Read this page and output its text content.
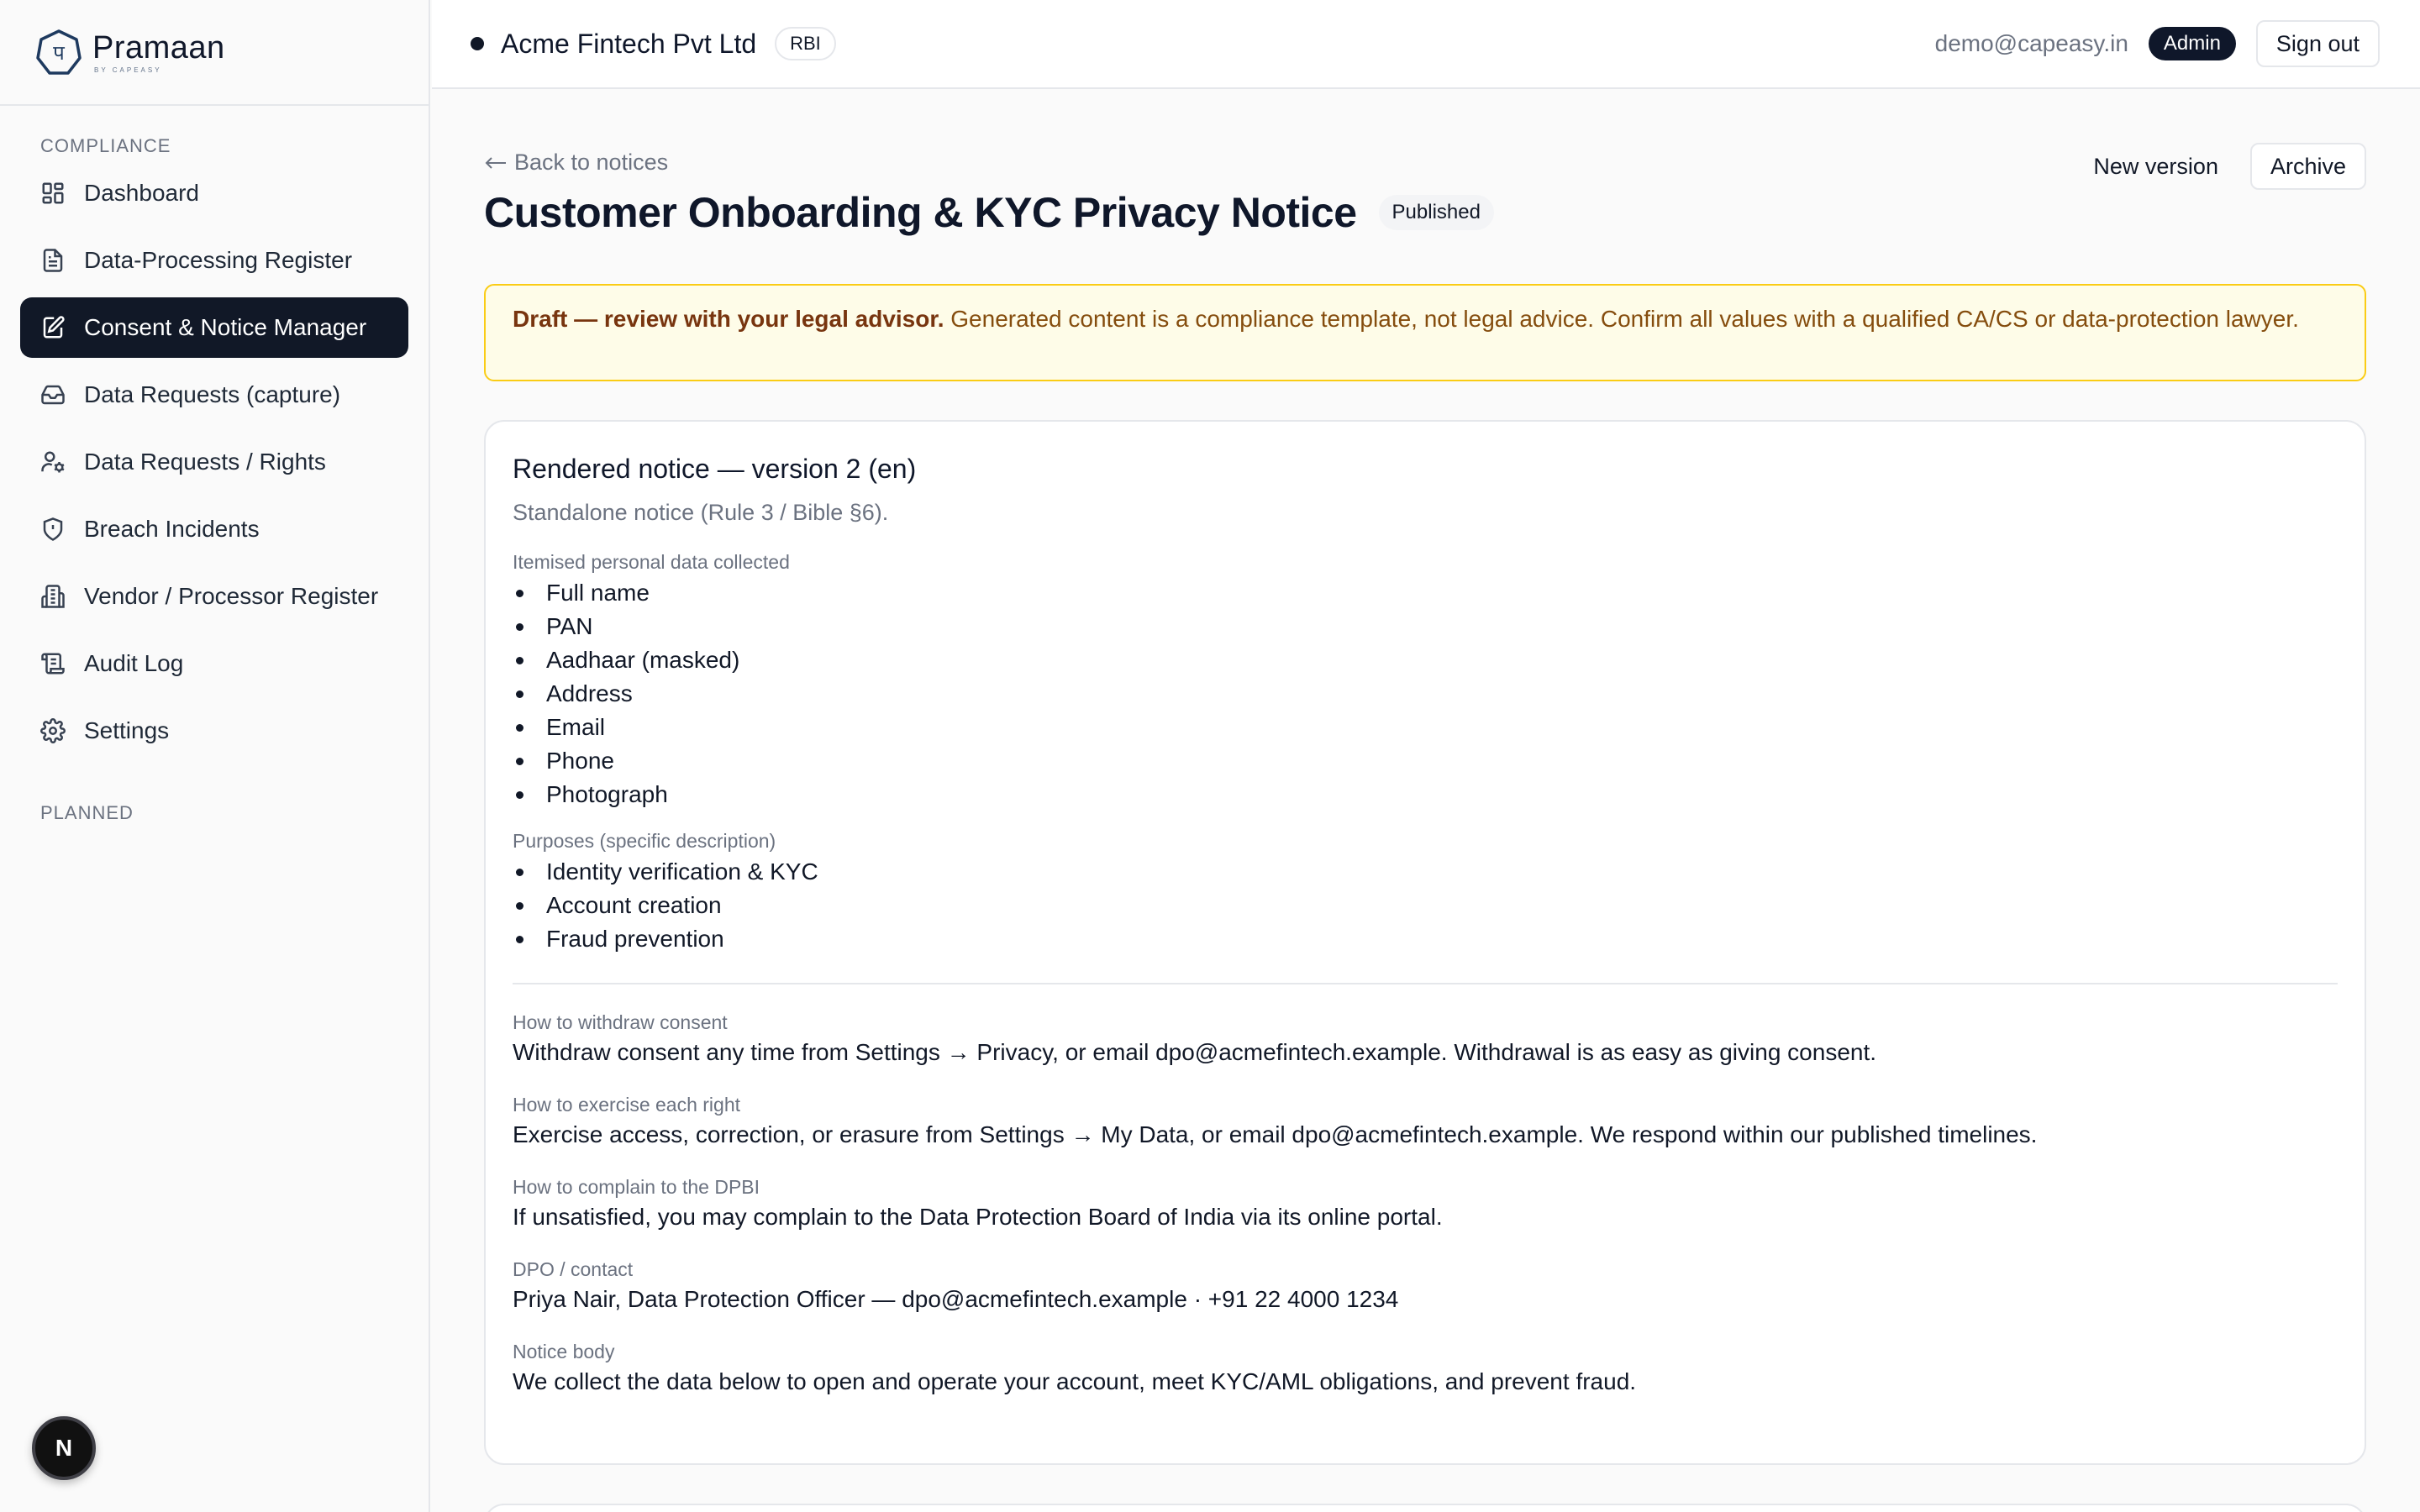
प Pramaan
BY CAPEASY
COMPLIANCE
Dashboard
Data-Processing Register
Consent & Notice Manager
Data Requests (capture)
Data Requests / Rights
Breach Incidents
Vendor / Processor Register
Audit Log
Settings
PLANNED
N
Acme Fintech Pvt Ltd	RBI	demo@capeasy.in	Admin	Sign out
Back to notices	New version	Archive
Customer Onboarding & KYC Privacy Notice	Published
Draft — review with your legal advisor. Generated content is a compliance template, not legal advice. Confirm all values with a qualified CA/CS or data-protection lawyer.
Rendered notice — version 2 (en)
Standalone notice (Rule 3 / Bible §6).
Itemised personal data collected
Full name
PAN
Aadhaar (masked)
Address
Email
Phone
Photograph
Purposes (specific description)
Identity verification & KYC
Account creation
Fraud prevention
How to withdraw consent
Withdraw consent any time from Settings → Privacy, or email dpo@acmefintech.example. Withdrawal is as easy as giving consent.
How to exercise each right
Exercise access, correction, or erasure from Settings → My Data, or email dpo@acmefintech.example. We respond within our published timelines.
How to complain to the DPBI
If unsatisfied, you may complain to the Data Protection Board of India via its online portal.
DPO / contact
Priya Nair, Data Protection Officer — dpo@acmefintech.example · +91 22 4000 1234
Notice body
We collect the data below to open and operate your account, meet KYC/AML obligations, and prevent fraud.
